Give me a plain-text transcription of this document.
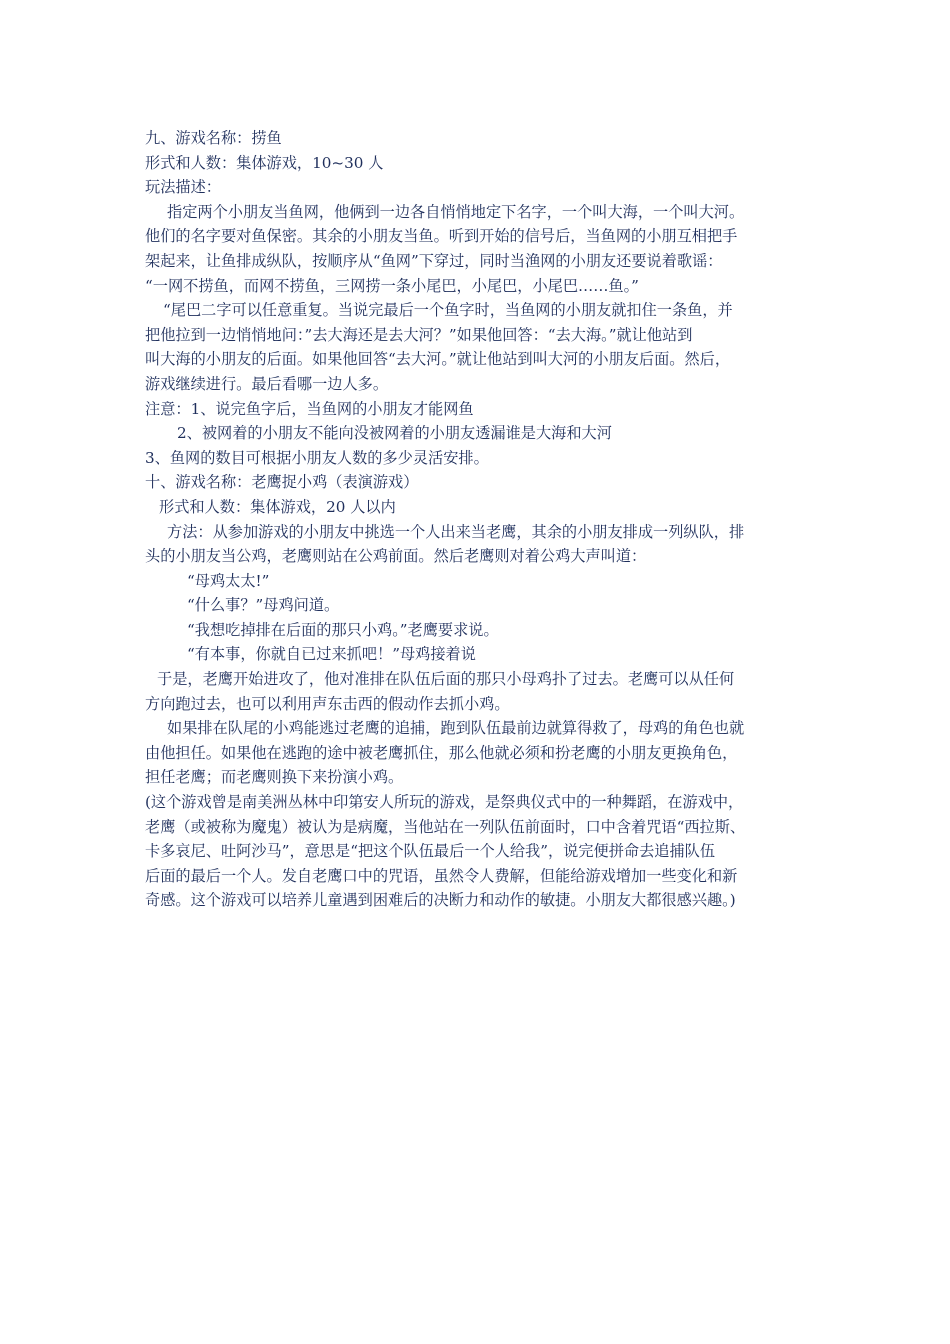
九、游戏名称：捞鱼
形式和人数：集体游戏，10~30 人
玩法描述：
指定两个小朋友当鱼网，他俩到一边各自悄悄地定下名字，一个叫大海，一个叫大河。
他们的名字要对鱼保密。其余的小朋友当鱼。听到开始的信号后，当鱼网的小朋互相把手
架起来，让鱼排成纵队，按顺序从“鱼网”下穿过，同时当渔网的小朋友还要说着歌谣：
“一网不捞鱼，而网不捞鱼，三网捞一条小尾巴，小尾巴，小尾巴……鱼。”
“尾巴二字可以任意重复。当说完最后一个鱼字时，当鱼网的小朋友就扣住一条鱼，并
把他拉到一边悄悄地问：”去大海还是去大河？”如果他回答：“去大海。”就让他站到
叫大海的小朋友的后面。如果他回答“去大河。”就让他站到叫大河的小朋友后面。然后，
游戏继续进行。最后看哪一边人多。
注意：1、说完鱼字后，当鱼网的小朋友才能网鱼
2、被网着的小朋友不能向没被网着的小朋友透漏谁是大海和大河
3、鱼网的数目可根据小朋友人数的多少灵活安排。
十、游戏名称：老鹰捉小鸡（表演游戏）
形式和人数：集体游戏，20 人以内
方法：从参加游戏的小朋友中挑选一个人出来当老鹰，其余的小朋友排成一列纵队，排
头的小朋友当公鸡，老鹰则站在公鸡前面。然后老鹰则对着公鸡大声叫道：
“母鸡太太!”
“什么事？”母鸡问道。
“我想吃掉排在后面的那只小鸡。”老鹰要求说。
“有本事，你就自已过来抓吧！”母鸡接着说
于是，老鹰开始进攻了，他对准排在队伍后面的那只小母鸡扑了过去。老鹰可以从任何
方向跑过去，也可以利用声东击西的假动作去抓小鸡。
如果排在队尾的小鸡能逃过老鹰的追捕，跑到队伍最前边就算得救了，母鸡的角色也就
由他担任。如果他在逃跑的途中被老鹰抓住，那么他就必须和扮老鹰的小朋友更换角色，
担任老鹰；而老鹰则换下来扮演小鸡。
(这个游戏曾是南美洲丛林中印第安人所玩的游戏，是祭典仪式中的一种舞蹈，在游戏中，
老鹰（或被称为魔鬼）被认为是病魔，当他站在一列队伍前面时，口中含着咒语“西拉斯、
卡多哀尼、吐阿沙马”，意思是“把这个队伍最后一个人给我”，说完便拼命去追捕队伍
后面的最后一个人。发自老鹰口中的咒语，虽然令人费解，但能给游戏增加一些变化和新
奇感。这个游戏可以培养儿童遇到困难后的决断力和动作的敏捷。小朋友大都很感兴趣。)
